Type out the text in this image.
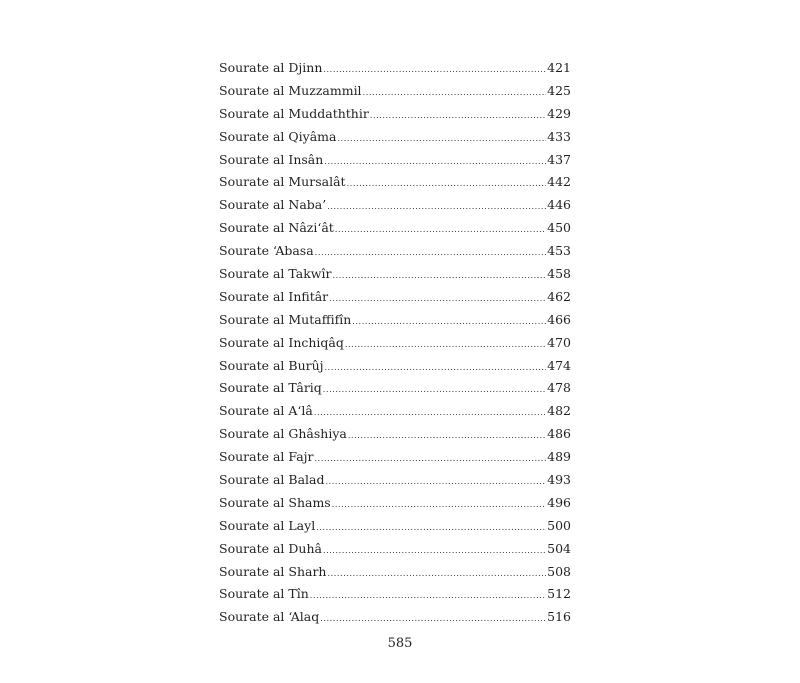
Sourate al Djinn .....	421
Sourate al Muzzammil .....	425
Sourate al Muddaththir .....	429
Sourate al Qiyâma .....	433
Sourate al Insân .....	437
Sourate al Mursalât .....	442
Sourate al Naba’ .....	446
Sourate al Nâzi‘ât .....	450
Sourate ‘Abasa .....	453
Sourate al Takwîr .....	458
Sourate al Infitâr .....	462
Sourate al Mutaffifîn .....	466
Sourate al Inchiqâq .....	470
Sourate al Burûj .....	474
Sourate al Târiq .....	478
Sourate al A‘lâ .....	482
Sourate al Ghâshiya .....	486
Sourate al Fajr .....	489
Sourate al Balad .....	493
Sourate al Shams .....	496
Sourate al Layl .....	500
Sourate al Duhâ .....	504
Sourate al Sharh .....	508
Sourate al Tîn .....	512
Sourate al ‘Alaq .....	516
585
